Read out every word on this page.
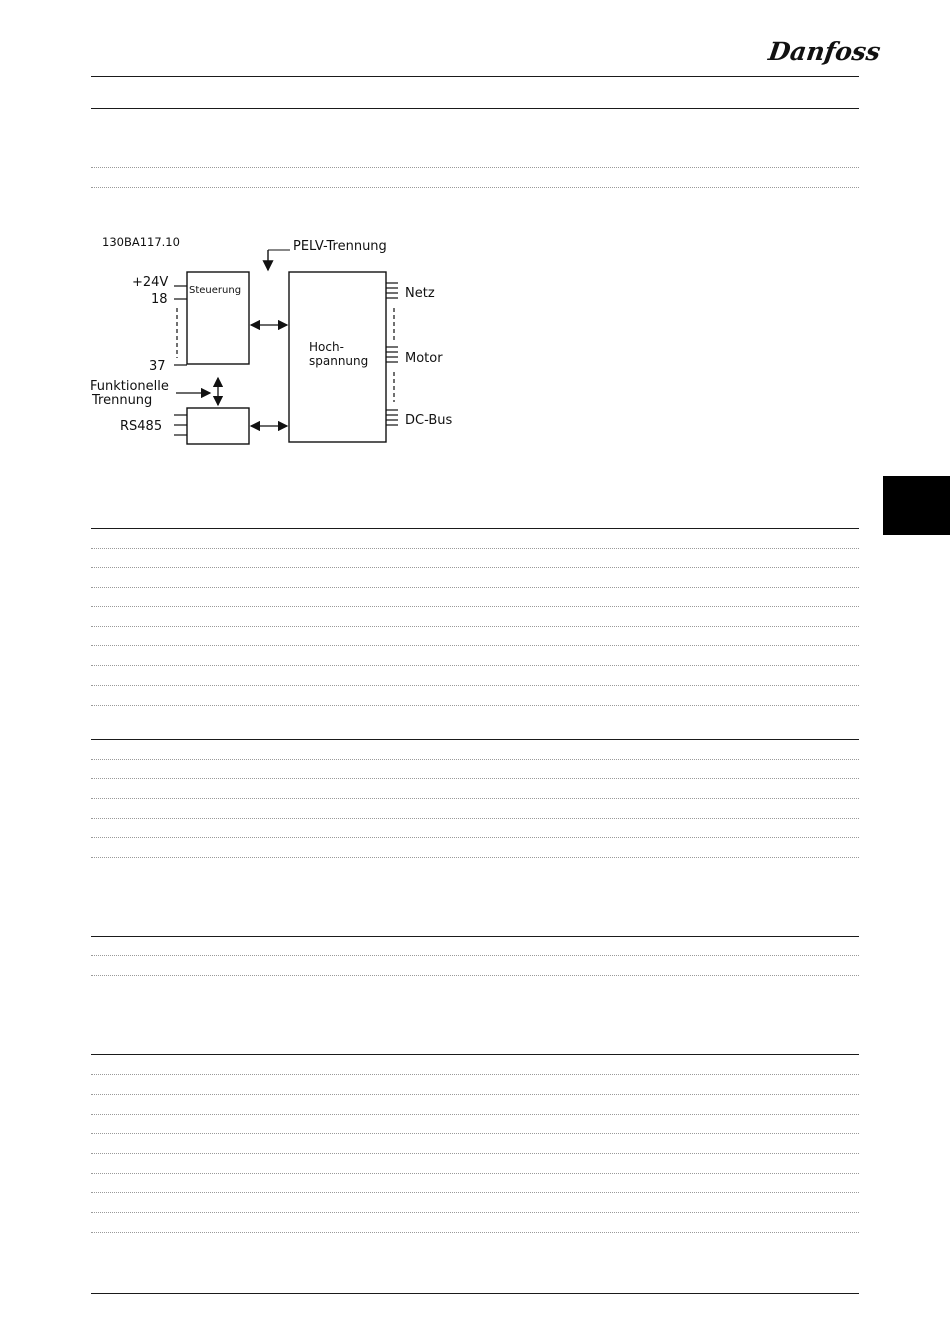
Danfoss
130BA117.10	PELV-Trennung
Steuerung
+24V
18
37
Funktionelle
Trennung
RS485
Hoch-
spannung
Netz
Motor
DC-Bus
